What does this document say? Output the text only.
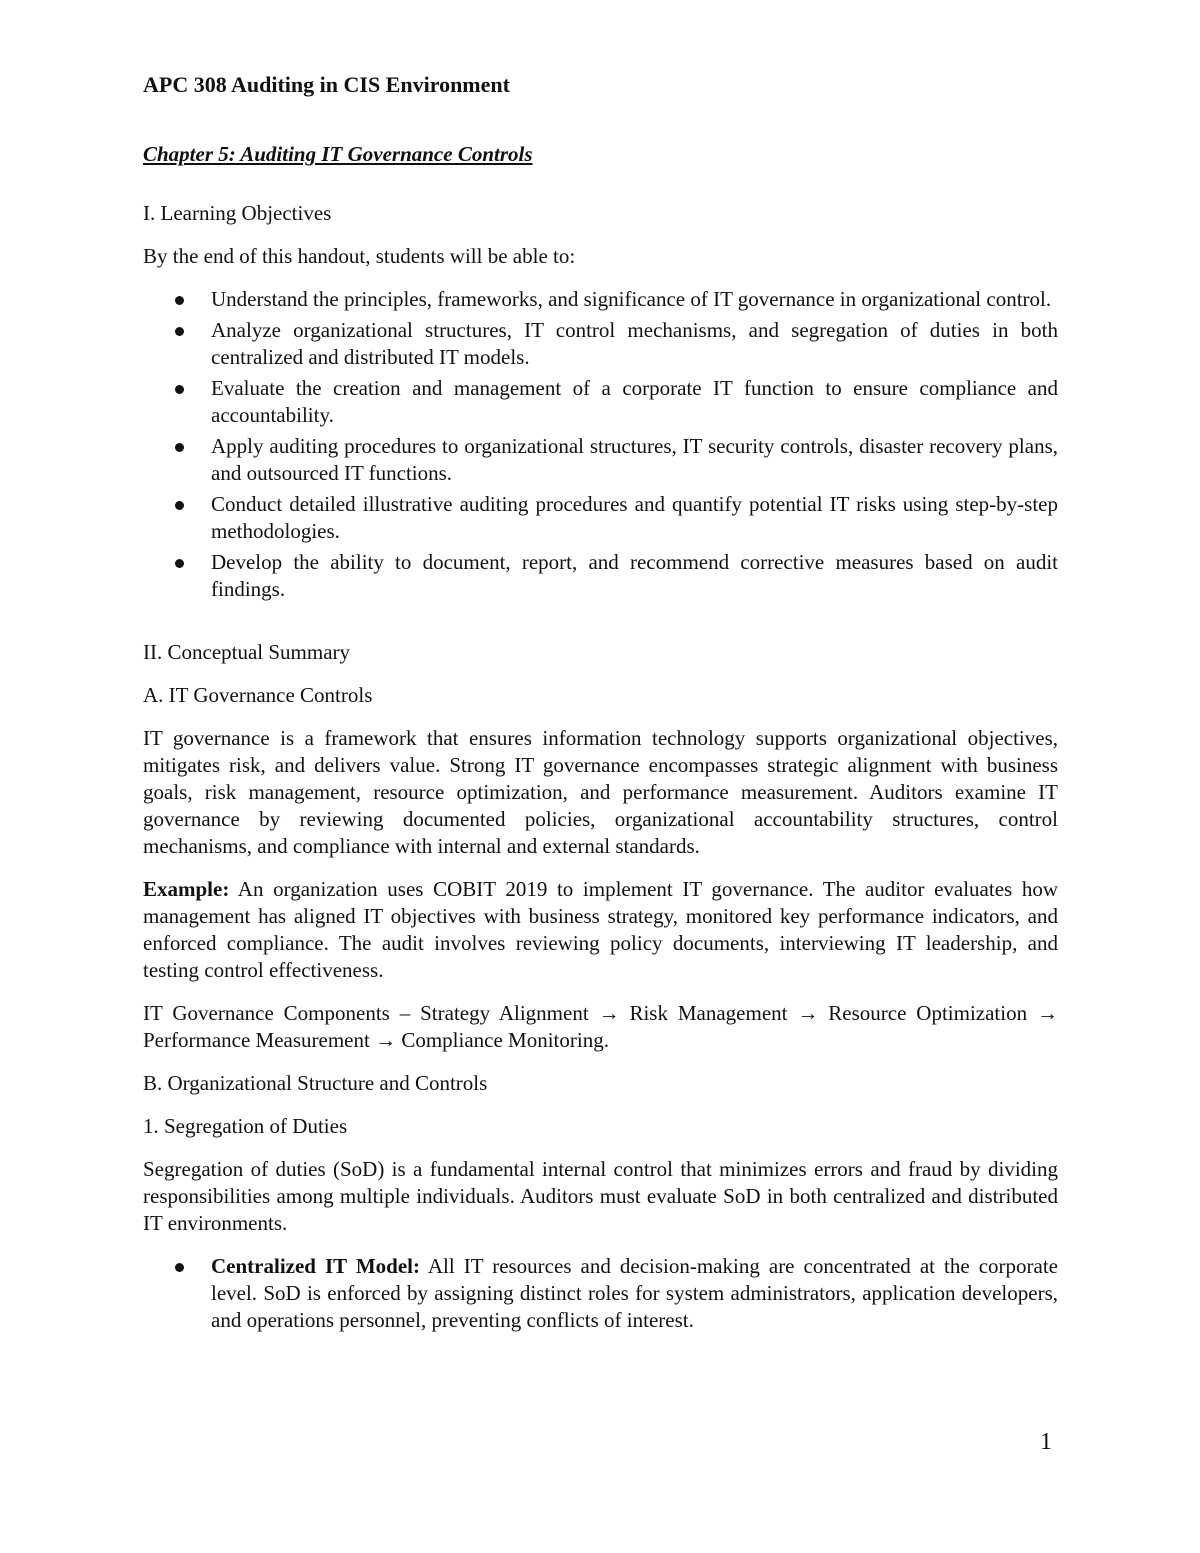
APC 308 Auditing in CIS Environment
Chapter 5: Auditing IT Governance Controls
I. Learning Objectives

By the end of this handout, students will be able to:

Understand the principles, frameworks, and significance of IT governance in organizational control.
Analyze organizational structures, IT control mechanisms, and segregation of duties in both centralized and distributed IT models.
Evaluate the creation and management of a corporate IT function to ensure compliance and accountability.
Apply auditing procedures to organizational structures, IT security controls, disaster recovery plans, and outsourced IT functions.
Conduct detailed illustrative auditing procedures and quantify potential IT risks using step-by-step methodologies.
Develop the ability to document, report, and recommend corrective measures based on audit findings.
II. Conceptual Summary
A. IT Governance Controls

IT governance is a framework that ensures information technology supports organizational objectives, mitigates risk, and delivers value. Strong IT governance encompasses strategic alignment with business goals, risk management, resource optimization, and performance measurement. Auditors examine IT governance by reviewing documented policies, organizational accountability structures, control mechanisms, and compliance with internal and external standards.

Example: An organization uses COBIT 2019 to implement IT governance. The auditor evaluates how management has aligned IT objectives with business strategy, monitored key performance indicators, and enforced compliance. The audit involves reviewing policy documents, interviewing IT leadership, and testing control effectiveness.

IT Governance Components – Strategy Alignment → Risk Management → Resource Optimization → Performance Measurement → Compliance Monitoring.

B. Organizational Structure and Controls
1. Segregation of Duties

Segregation of duties (SoD) is a fundamental internal control that minimizes errors and fraud by dividing responsibilities among multiple individuals. Auditors must evaluate SoD in both centralized and distributed IT environments.

Centralized IT Model: All IT resources and decision-making are concentrated at the corporate level. SoD is enforced by assigning distinct roles for system administrators, application developers, and operations personnel, preventing conflicts of interest.
1
